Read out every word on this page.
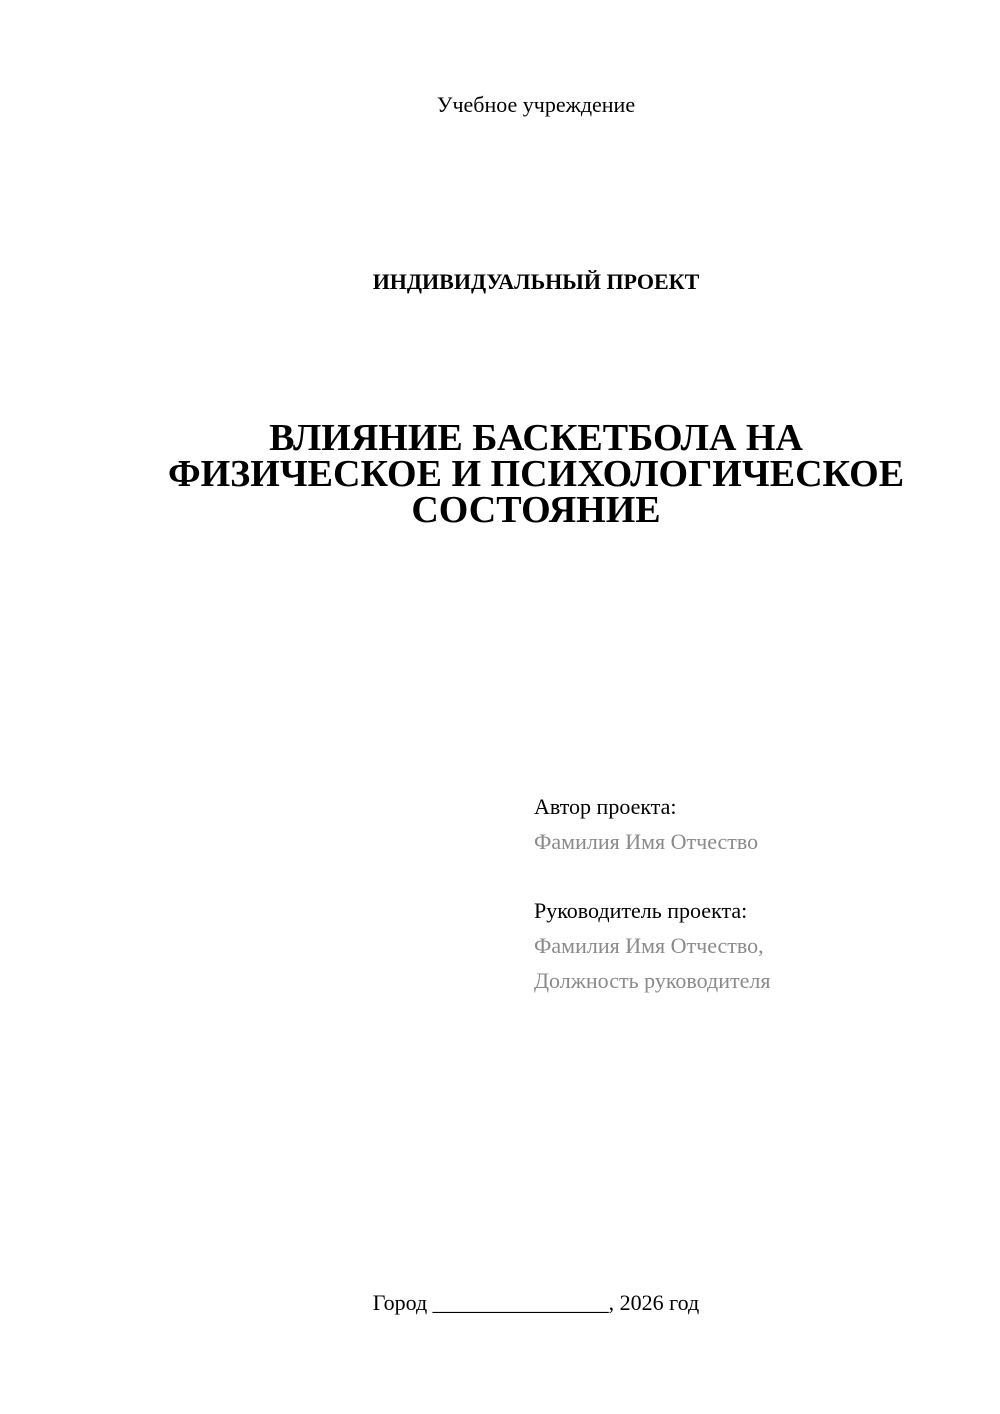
Учебное учреждение
ИНДИВИДУАЛЬНЫЙ ПРОЕКТ
ВЛИЯНИЕ БАСКЕТБОЛА НА
ФИЗИЧЕСКОЕ И ПСИХОЛОГИЧЕСКОЕ
СОСТОЯНИЕ
Автор проекта:
Фамилия Имя Отчество
Руководитель проекта:
Фамилия Имя Отчество,
Должность руководителя
Город ________________, 2026 год
